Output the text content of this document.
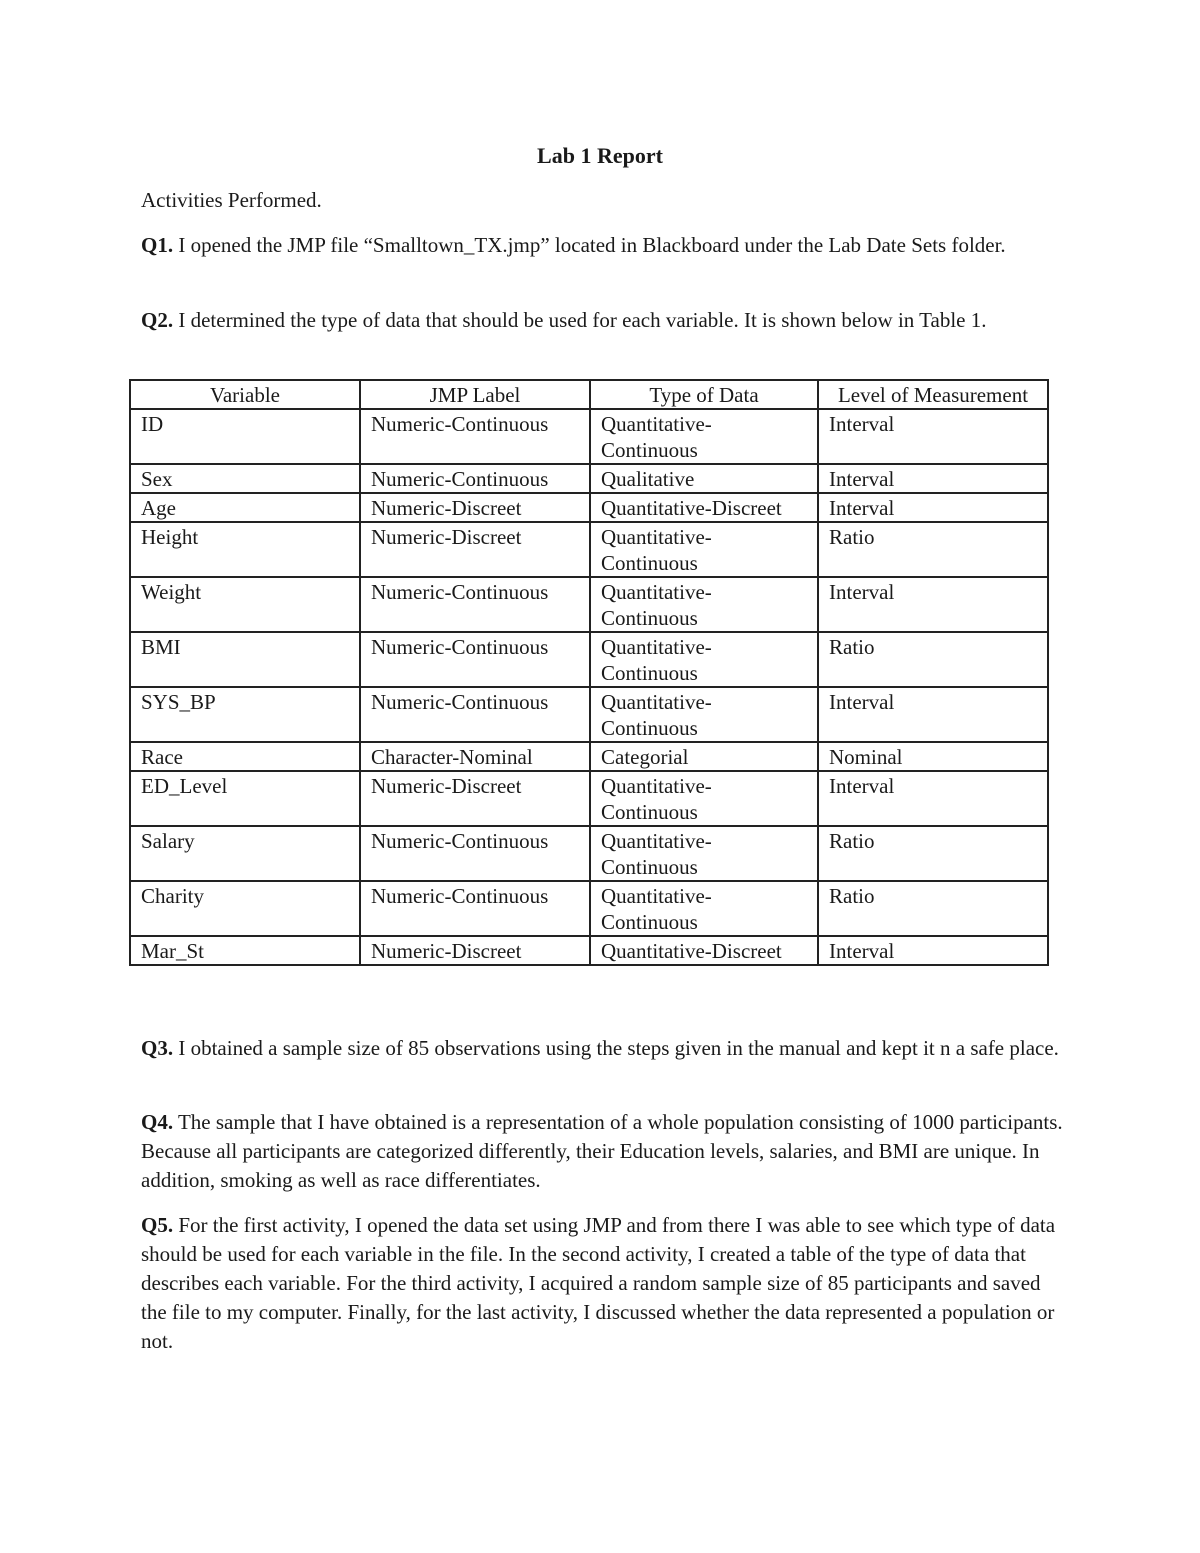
Lab 1 Report

Activities Performed.

Q1. I opened the JMP file “Smalltown_TX.jmp” located in Blackboard under the Lab Date Sets folder.

Q2. I determined the type of data that should be used for each variable. It is shown below in Table 1.

Variable	JMP Label	Type of Data	Level of Measurement
ID	Numeric-Continuous	Quantitative-Continuous	Interval
Sex	Numeric-Continuous	Qualitative	Interval
Age	Numeric-Discreet	Quantitative-Discreet	Interval
Height	Numeric-Discreet	Quantitative-Continuous	Ratio
Weight	Numeric-Continuous	Quantitative-Continuous	Interval
BMI	Numeric-Continuous	Quantitative-Continuous	Ratio
SYS_BP	Numeric-Continuous	Quantitative-Continuous	Interval
Race	Character-Nominal	Categorial	Nominal
ED_Level	Numeric-Discreet	Quantitative-Continuous	Interval
Salary	Numeric-Continuous	Quantitative-Continuous	Ratio
Charity	Numeric-Continuous	Quantitative-Continuous	Ratio
Mar_St	Numeric-Discreet	Quantitative-Discreet	Interval

Q3. I obtained a sample size of 85 observations using the steps given in the manual and kept it n a safe place.

Q4. The sample that I have obtained is a representation of a whole population consisting of 1000 participants. Because all participants are categorized differently, their Education levels, salaries, and BMI are unique. In addition, smoking as well as race differentiates.

Q5. For the first activity, I opened the data set using JMP and from there I was able to see which type of data should be used for each variable in the file. In the second activity, I created a table of the type of data that describes each variable. For the third activity, I acquired a random sample size of 85 participants and saved the file to my computer. Finally, for the last activity, I discussed whether the data represented a population or not.
